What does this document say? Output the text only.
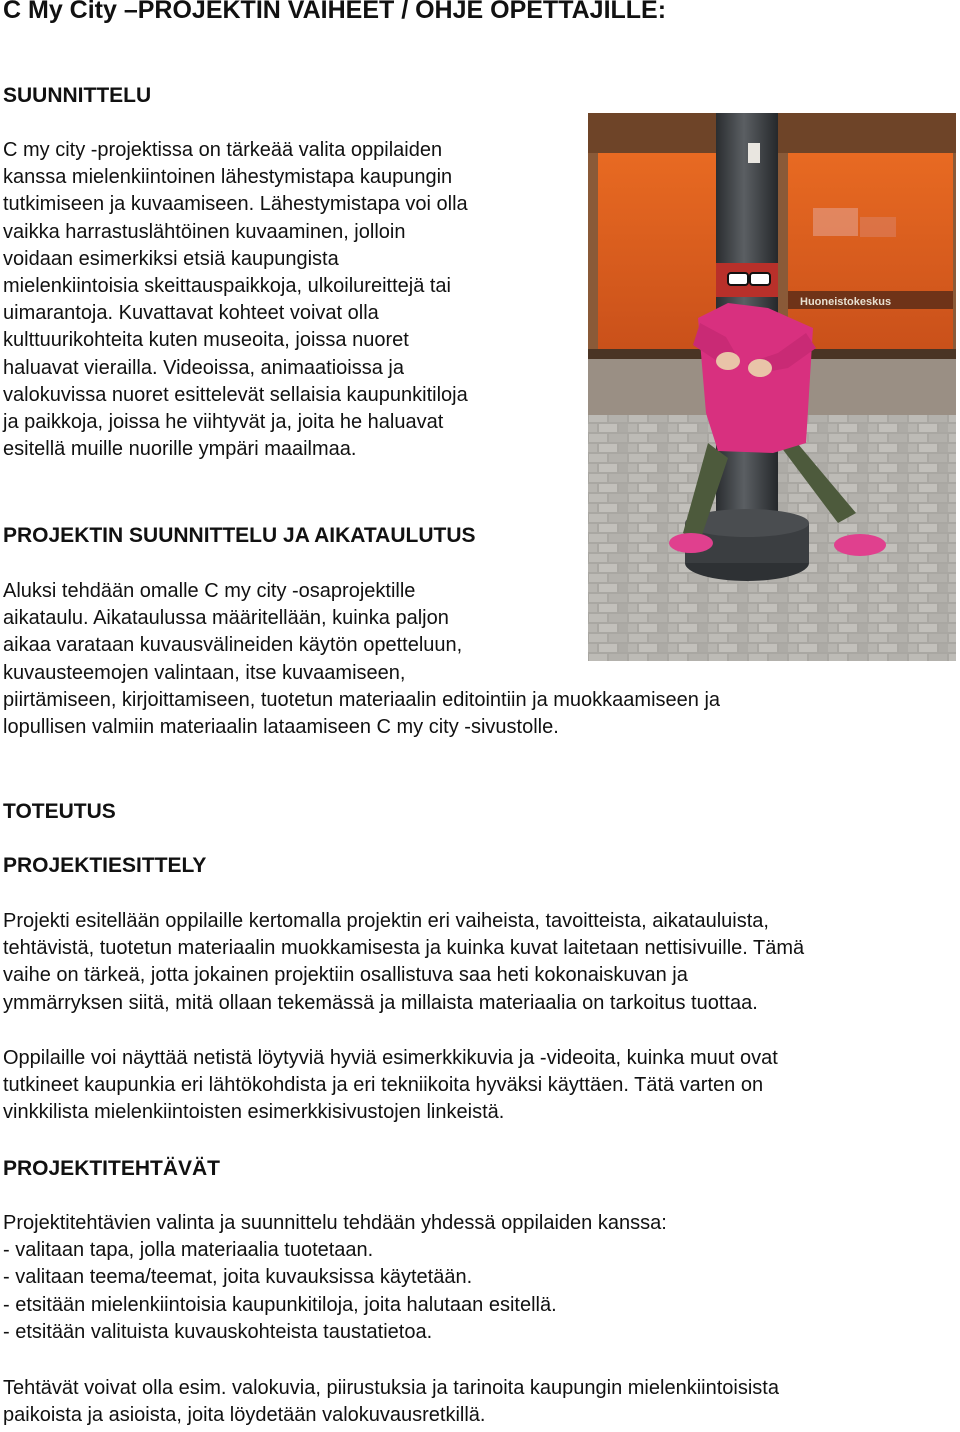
C My City –PROJEKTIN VAIHEET / OHJE OPETTAJILLE:
SUUNNITTELU

C my city -projektissa on tärkeää valita oppilaiden
kanssa mielenkiintoinen lähestymistapa kaupungin
tutkimiseen ja kuvaamiseen. Lähestymistapa voi olla
vaikka harrastuslähtöinen kuvaaminen, jolloin
voidaan esimerkiksi etsiä kaupungista
mielenkiintoisia skeittauspaikkoja, ulkoilureittejä tai
uimarantoja. Kuvattavat kohteet voivat olla
kulttuurikohteita kuten museoita, joissa nuoret
haluavat vierailla. Videoissa, animaatioissa ja
valokuvissa nuoret esittelevät sellaisia kaupunkitiloja
ja paikkoja, joissa he viihtyvät ja, joita he haluavat
esitellä muille nuorille ympäri maailmaa.

PROJEKTIN SUUNNITTELU JA AIKATAULUTUS

Aluksi tehdään omalle C my city -osaprojektille
aikataulu. Aikataulussa määritellään, kuinka paljon
aikaa varataan kuvausvälineiden käytön opetteluun,
kuvausteemojen valintaan, itse kuvaamiseen,
piirtämiseen, kirjoittamiseen, tuotetun materiaalin editointiin ja muokkaamiseen ja
lopullisen valmiin materiaalin lataamiseen C my city -sivustolle.

TOTEUTUS
PROJEKTIESITTELY

Projekti esitellään oppilaille kertomalla projektin eri vaiheista, tavoitteista, aikatauluista,
tehtävistä, tuotetun materiaalin muokkamisesta ja kuinka kuvat laitetaan nettisivuille. Tämä
vaihe on tärkeä, jotta jokainen projektiin osallistuva saa heti kokonaiskuvan ja
ymmärryksen siitä, mitä ollaan tekemässä ja millaista materiaalia on tarkoitus tuottaa.

Oppilaille voi näyttää netistä löytyviä hyviä esimerkkikuvia ja -videoita, kuinka muut ovat
tutkineet kaupunkia eri lähtökohdista ja eri tekniikoita hyväksi käyttäen. Tätä varten on
vinkkilista mielenkiintoisten esimerkkisivustojen linkeistä.

PROJEKTITEHTÄVÄT

Projektitehtävien valinta ja suunnittelu tehdään yhdessä oppilaiden kanssa:
- valitaan tapa, jolla materiaalia tuotetaan.
- valitaan teema/teemat, joita kuvauksissa käytetään.
- etsitään mielenkiintoisia kaupunkitiloja, joita halutaan esitellä.
- etsitään valituista kuvauskohteista taustatietoa.

Tehtävät voivat olla esim. valokuvia, piirustuksia ja tarinoita kaupungin mielenkiintoisista
paikoista ja asioista, joita löydetään valokuvausretkillä.

Huoneistokeskus
